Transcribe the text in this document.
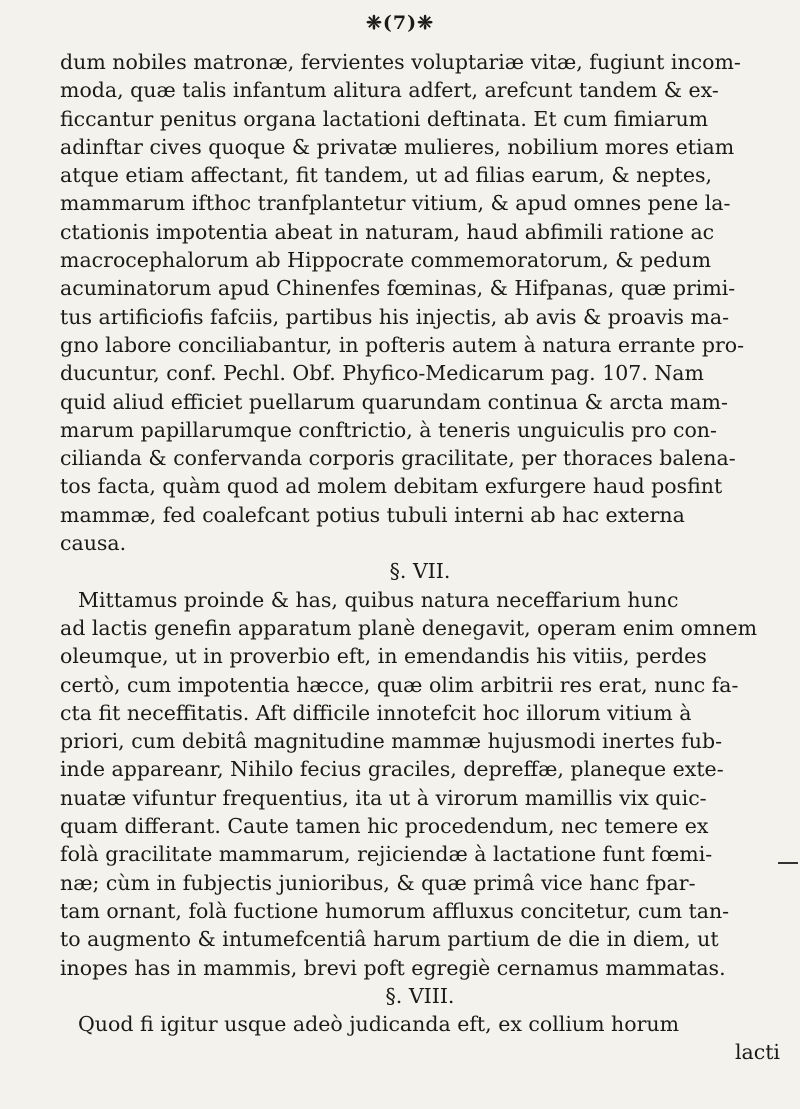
❈(7)❈
dum nobiles matronæ, fervientes voluptariæ vitæ, fugiunt incom-
moda, quæ talis infantum alitura adfert, arefcunt tandem & ex-
ficcantur penitus organa lactationi deftinata. Et cum fimiarum
adinftar cives quoque & privatæ mulieres, nobilium mores etiam
atque etiam affectant, fit tandem, ut ad filias earum, & neptes,
mammarum ifthoc tranfplantetur vitium, & apud omnes pene la-
ctationis impotentia abeat in naturam, haud abfimili ratione ac
macrocephalorum ab Hippocrate commemoratorum, & pedum
acuminatorum apud Chinenfes fœminas, & Hifpanas, quæ primi-
tus artificiofis fafciis, partibus his injectis, ab avis & proavis ma-
gno labore conciliabantur, in pofteris autem à natura errante pro-
ducuntur, conf. Pechl. Obf. Phyfico-Medicarum pag. 107. Nam
quid aliud efficiet puellarum quarundam continua & arcta mam-
marum papillarumque conftrictio, à teneris unguiculis pro con-
cilianda & confervanda corporis gracilitate, per thoraces balena-
tos facta, quàm quod ad molem debitam exfurgere haud posfint
mammæ, fed coalefcant potius tubuli interni ab hac externa
causa.
§. VII.
Mittamus proinde & has, quibus natura neceffarium hunc
ad lactis genefin apparatum planè denegavit, operam enim omnem
oleumque, ut in proverbio eft, in emendandis his vitiis, perdes
certò, cum impotentia hæcce, quæ olim arbitrii res erat, nunc fa-
cta fit neceffitatis. Aft difficile innotefcit hoc illorum vitium à
priori, cum debitâ magnitudine mammæ hujusmodi inertes fub-
inde appareanr, Nihilo fecius graciles, depreffæ, planeque exte-
nuatæ vifuntur frequentius, ita ut à virorum mamillis vix quic-
quam differant. Caute tamen hic procedendum, nec temere ex
folà gracilitate mammarum, rejiciendæ à lactatione funt fœmi-
næ; cùm in fubjectis junioribus, & quæ primâ vice hanc fpar-
tam ornant, folà fuctione humorum affluxus concitetur, cum tan-
to augmento & intumefcentiâ harum partium de die in diem, ut
inopes has in mammis, brevi poft egregiè cernamus mammatas.
§. VIII.
Quod fi igitur usque adeò judicanda eft, ex collium horum
lacti
